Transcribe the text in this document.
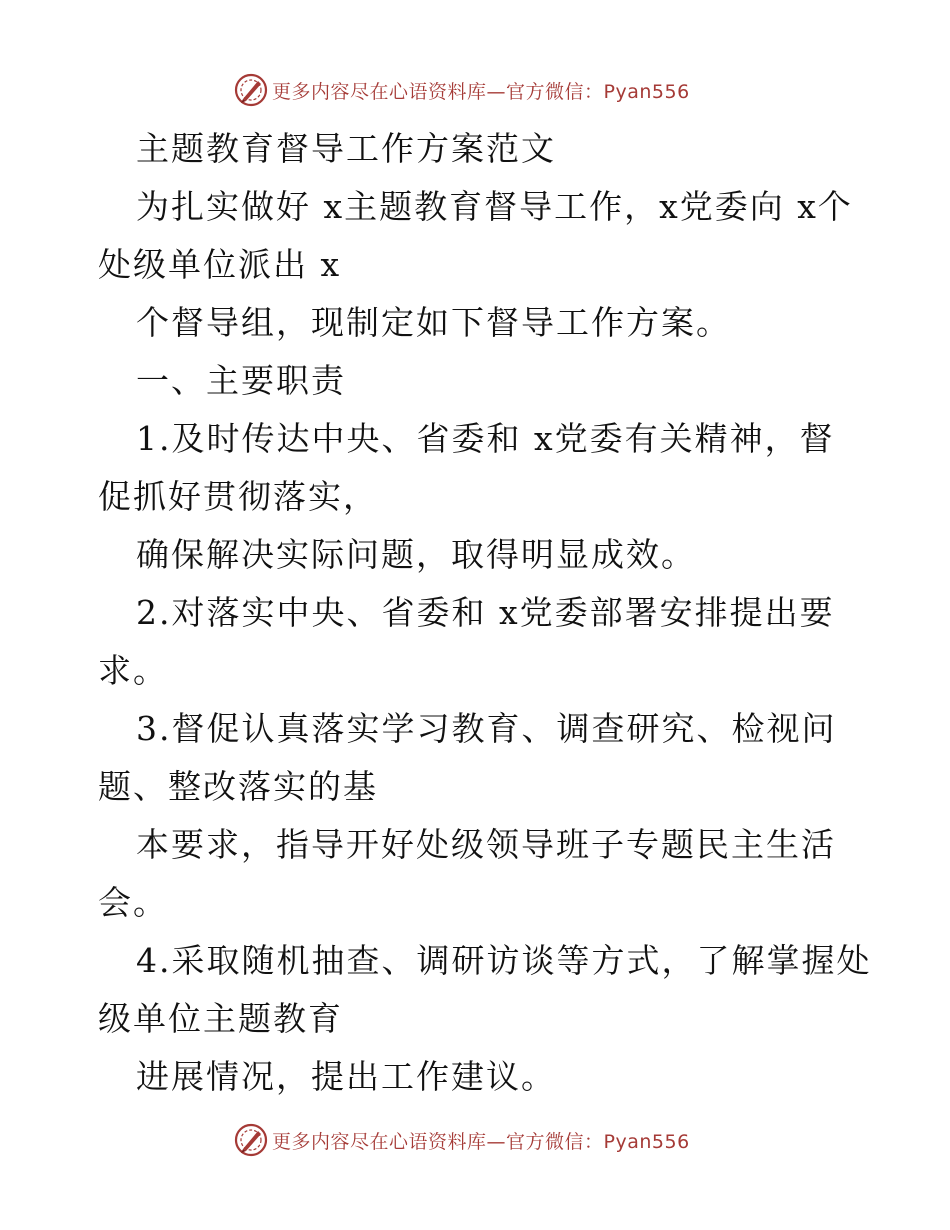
更多内容尽在心语资料库—官方微信：Pyan556
主题教育督导工作方案范文
为扎实做好 x主题教育督导工作，x党委向 x个
处级单位派出 x
个督导组，现制定如下督导工作方案。
一、主要职责
1.及时传达中央、省委和 x党委有关精神，督
促抓好贯彻落实，
确保解决实际问题，取得明显成效。
2.对落实中央、省委和 x党委部署安排提出要
求。
3.督促认真落实学习教育、调查研究、检视问
题、整改落实的基
本要求，指导开好处级领导班子专题民主生活
会。
4.采取随机抽查、调研访谈等方式，了解掌握处
级单位主题教育
进展情况，提出工作建议。
更多内容尽在心语资料库—官方微信：Pyan556
